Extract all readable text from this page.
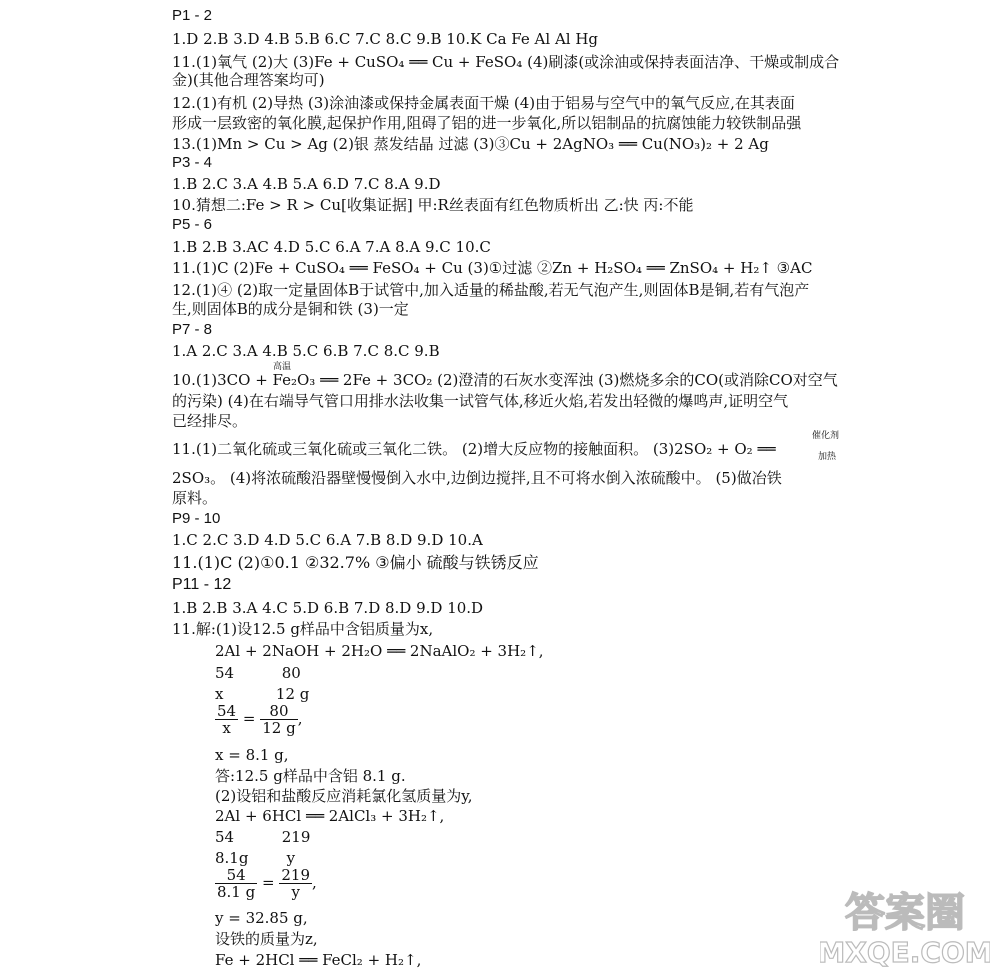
P1 - 2
1.D 2.B 3.D 4.B 5.B 6.C 7.C 8.C 9.B 10.K Ca Fe Al Al Hg
11.(1)氧气 (2)大 (3)Fe + CuSO₄ ══ Cu + FeSO₄ (4)刷漆(或涂油或保持表面洁净、干燥或制成合
金)(其他合理答案均可)
12.(1)有机 (2)导热 (3)涂油漆或保持金属表面干燥 (4)由于铝易与空气中的氧气反应,在其表面
形成一层致密的氧化膜,起保护作用,阻碍了铝的进一步氧化,所以铝制品的抗腐蚀能力较铁制品强
13.(1)Mn > Cu > Ag (2)银 蒸发结晶 过滤 (3)③Cu + 2AgNO₃ ══ Cu(NO₃)₂ + 2 Ag
P3 - 4
1.B 2.C 3.A 4.B 5.A 6.D 7.C 8.A 9.D
10.猜想二:Fe > R > Cu[收集证据] 甲:R丝表面有红色物质析出 乙:快 丙:不能
P5 - 6
1.B 2.B 3.AC 4.D 5.C 6.A 7.A 8.A 9.C 10.C
11.(1)C (2)Fe + CuSO₄ ══ FeSO₄ + Cu (3)①过滤 ②Zn + H₂SO₄ ══ ZnSO₄ + H₂↑ ③AC
12.(1)④ (2)取一定量固体B于试管中,加入适量的稀盐酸,若无气泡产生,则固体B是铜,若有气泡产
生,则固体B的成分是铜和铁 (3)一定
P7 - 8
1.A 2.C 3.A 4.B 5.C 6.B 7.C 8.C 9.B
高温
10.(1)3CO + Fe₂O₃ ══ 2Fe + 3CO₂ (2)澄清的石灰水变浑浊 (3)燃烧多余的CO(或消除CO对空气
的污染) (4)在右端导气管口用排水法收集一试管气体,移近火焰,若发出轻微的爆鸣声,证明空气
已经排尽。
催化剂
加热
11.(1)二氧化硫或三氧化硫或三氧化二铁。 (2)增大反应物的接触面积。 (3)2SO₂ + O₂ ══
2SO₃。 (4)将浓硫酸沿器壁慢慢倒入水中,边倒边搅拌,且不可将水倒入浓硫酸中。 (5)做冶铁
原料。
P9 - 10
1.C 2.C 3.D 4.D 5.C 6.A 7.B 8.D 9.D 10.A
11.(1)C (2)①0.1 ②32.7% ③偏小 硫酸与铁锈反应
P11 - 12
1.B 2.B 3.A 4.C 5.D 6.B 7.D 8.D 9.D 10.D
11.解:(1)设12.5 g样品中含铝质量为x,
2Al + 2NaOH + 2H₂O ══ 2NaAlO₂ + 3H₂↑,
54          80
x           12 g
$\frac{54}{x} = \frac{80}{12 g}$ ,
x = 8.1 g,
答:12.5 g样品中含铝 8.1 g.
(2)设铝和盐酸反应消耗氯化氢质量为y,
2Al + 6HCl ══ 2AlCl₃ + 3H₂↑,
54          219
8.1g        y
$\frac{54}{8.1 g} = \frac{219}{y}$ ,
y = 32.85 g,
设铁的质量为z,
Fe + 2HCl ══ FeCl₂ + H₂↑,
答案圈
MXQE.COM
